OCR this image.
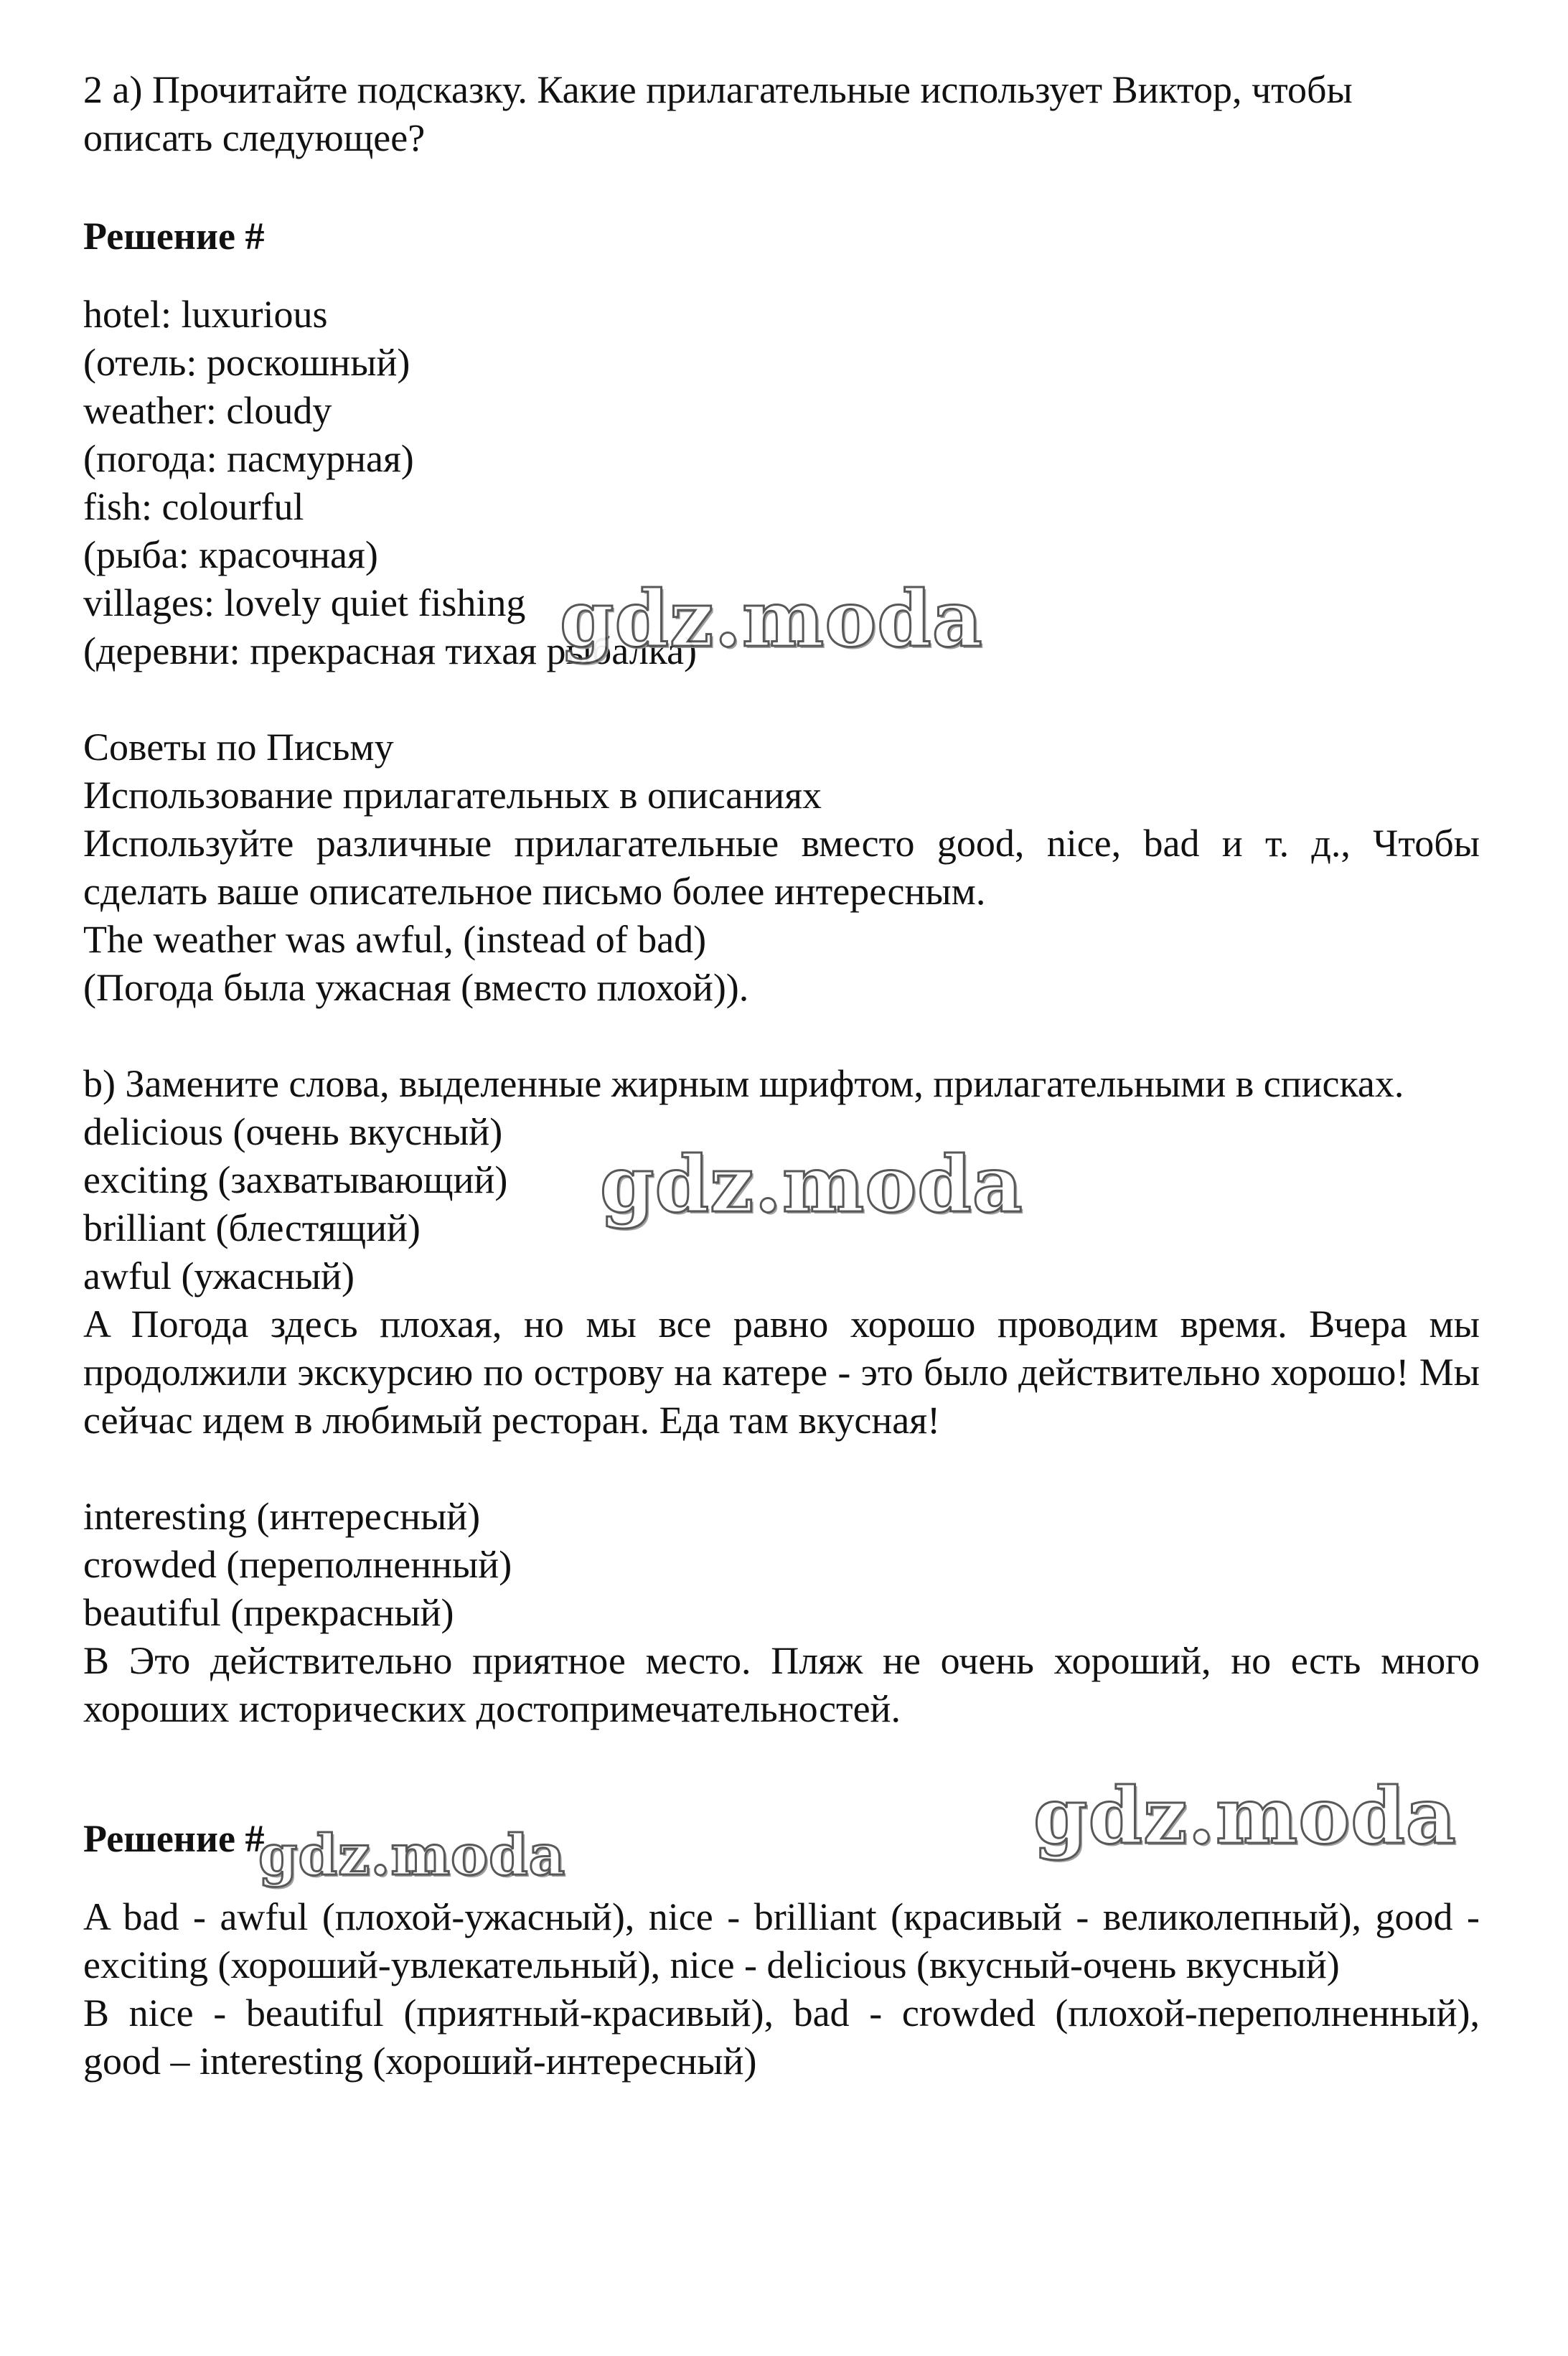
2 a) Прочитайте подсказку. Какие прилагательные использует Виктор, чтобы
описать следующее?
Решение #
hotel: luxurious
(отель: роскошный)
weather: cloudy
(погода: пасмурная)
fish: colourful
(рыба: красочная)
villages: lovely quiet fishing
(деревни: прекрасная тихая рыбалка)
Советы по Письму
Использование прилагательных в описаниях
Используйте различные прилагательные вместо good, nice, bad и т. д., Чтобы сделать ваше описательное письмо более интересным.
The weather was awful, (instead of bad)
(Погода была ужасная (вместо плохой)).
b) Замените слова, выделенные жирным шрифтом, прилагательными в списках.
delicious (очень вкусный)
exciting (захватывающий)
brilliant (блестящий)
awful (ужасный)
A Погода здесь плохая, но мы все равно хорошо проводим время. Вчера мы продолжили экскурсию по острову на катере - это было действительно хорошо! Мы сейчас идем в любимый ресторан. Еда там вкусная!
interesting (интересный)
crowded (переполненный)
beautiful (прекрасный)
B Это действительно приятное место. Пляж не очень хороший, но есть много хороших исторических достопримечательностей.
Решение #
A bad - awful (плохой-ужасный), nice - brilliant (красивый - великолепный), good - exciting (хороший-увлекательный), nice - delicious (вкусный-очень вкусный)
B nice - beautiful (приятный-красивый), bad - crowded (плохой-переполненный), good – interesting (хороший-интересный)
gdz.moda
gdz.moda
gdz.moda
gdz.moda
